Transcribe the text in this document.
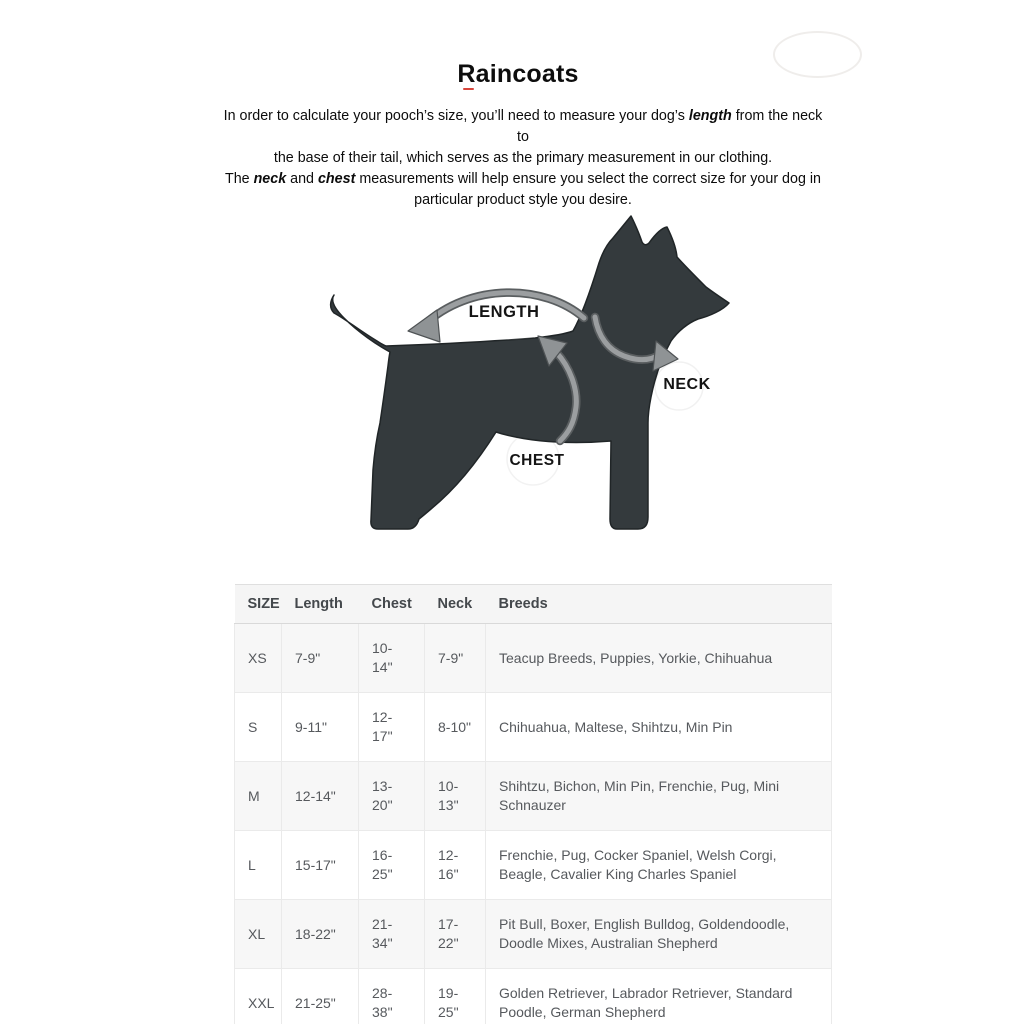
Raincoats
In order to calculate your pooch’s size, you’ll need to measure your dog’s length from the neck to
the base of their tail, which serves as the primary measurement in our clothing.
The neck and chest measurements will help ensure you select the correct size for your dog in
particular product style you desire.
LENGTH
NECK
CHEST
SIZE	Length	Chest	Neck	Breeds
XS	7-9"	10-14"	7-9"	Teacup Breeds, Puppies, Yorkie, Chihuahua
S	9-11"	12-17"	8-10"	Chihuahua, Maltese, Shihtzu, Min Pin
M	12-14"	13-20"	10-13"	Shihtzu, Bichon, Min Pin, Frenchie, Pug, Mini Schnauzer
L	15-17"	16-25"	12-16"	Frenchie, Pug, Cocker Spaniel, Welsh Corgi, Beagle, Cavalier King Charles Spaniel
XL	18-22"	21-34"	17-22"	Pit Bull, Boxer, English Bulldog, Goldendoodle, Doodle Mixes, Australian Shepherd
XXL	21-25"	28-38"	19-25"	Golden Retriever, Labrador Retriever, Standard Poodle, German Shepherd
